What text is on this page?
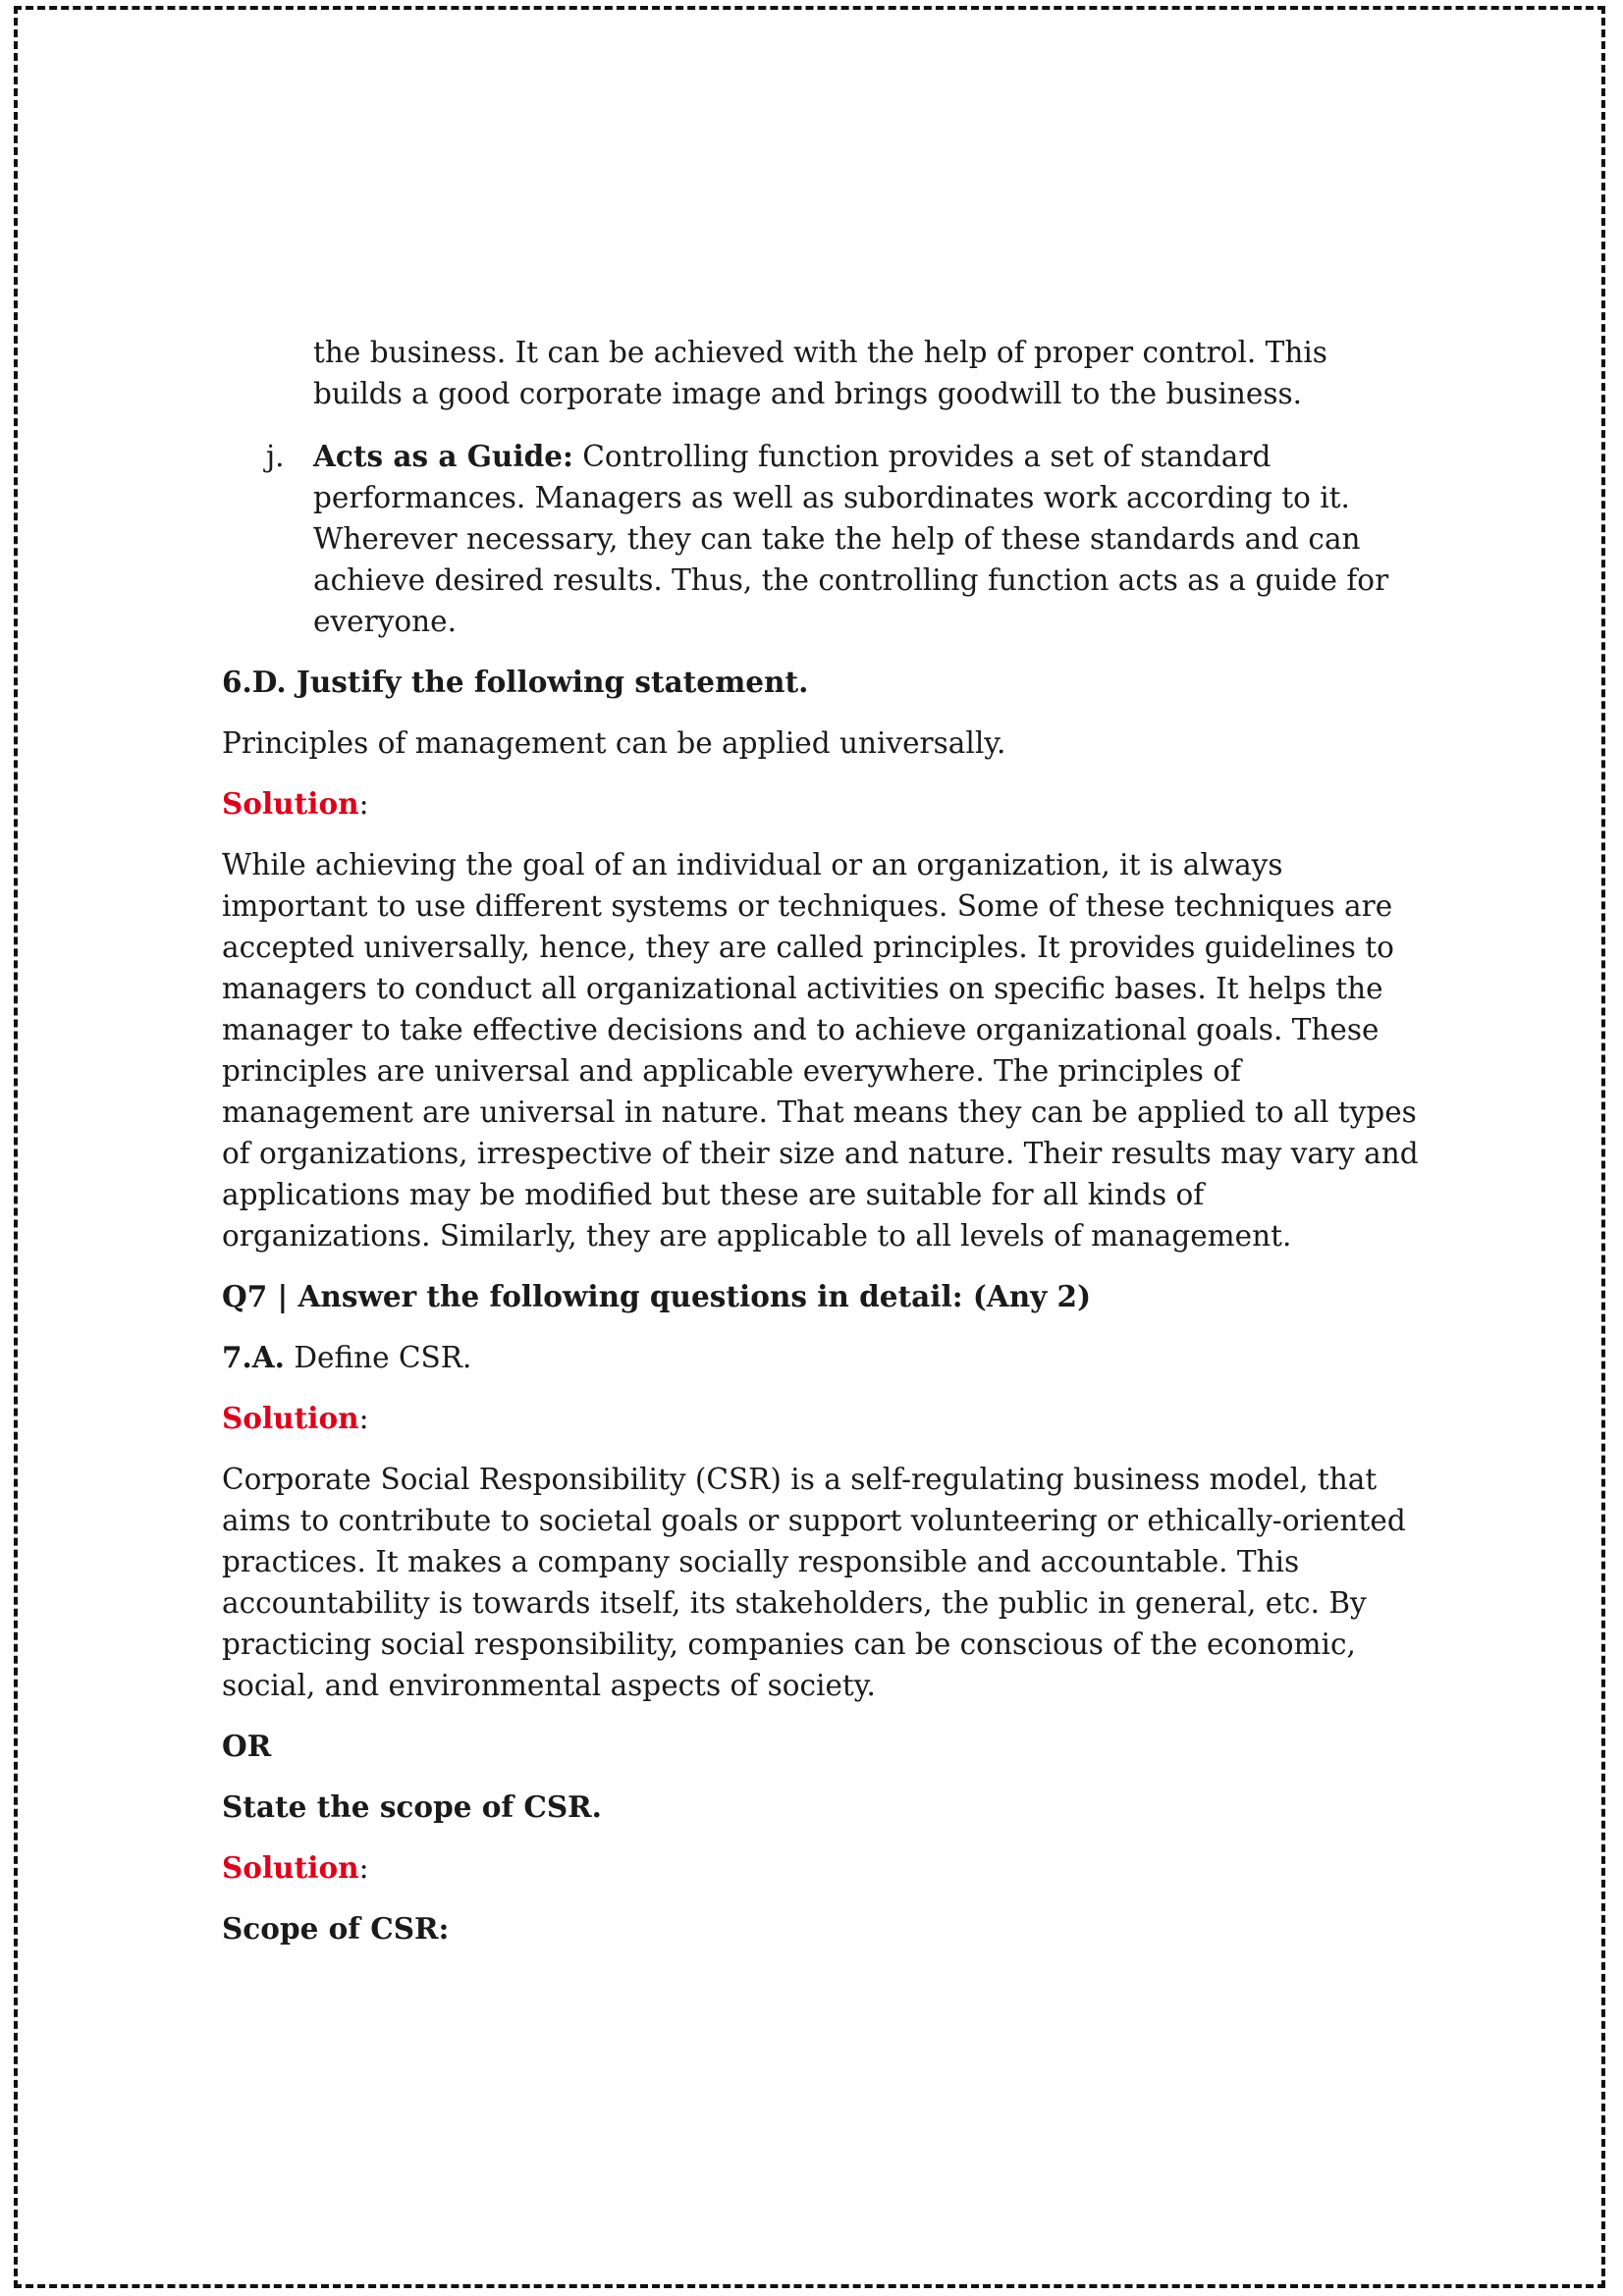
the business. It can be achieved with the help of proper control. This builds a good corporate image and brings goodwill to the business.

j. Acts as a Guide: Controlling function provides a set of standard performances. Managers as well as subordinates work according to it. Wherever necessary, they can take the help of these standards and can achieve desired results. Thus, the controlling function acts as a guide for everyone.

6.D. Justify the following statement.

Principles of management can be applied universally.

Solution:

While achieving the goal of an individual or an organization, it is always important to use different systems or techniques. Some of these techniques are accepted universally, hence, they are called principles. It provides guidelines to managers to conduct all organizational activities on specific bases. It helps the manager to take effective decisions and to achieve organizational goals. These principles are universal and applicable everywhere. The principles of management are universal in nature. That means they can be applied to all types of organizations, irrespective of their size and nature. Their results may vary and applications may be modified but these are suitable for all kinds of organizations. Similarly, they are applicable to all levels of management.

Q7 | Answer the following questions in detail: (Any 2)

7.A. Define CSR.

Solution:

Corporate Social Responsibility (CSR) is a self-regulating business model, that aims to contribute to societal goals or support volunteering or ethically-oriented practices. It makes a company socially responsible and accountable. This accountability is towards itself, its stakeholders, the public in general, etc. By practicing social responsibility, companies can be conscious of the economic, social, and environmental aspects of society.

OR

State the scope of CSR.

Solution:

Scope of CSR:
